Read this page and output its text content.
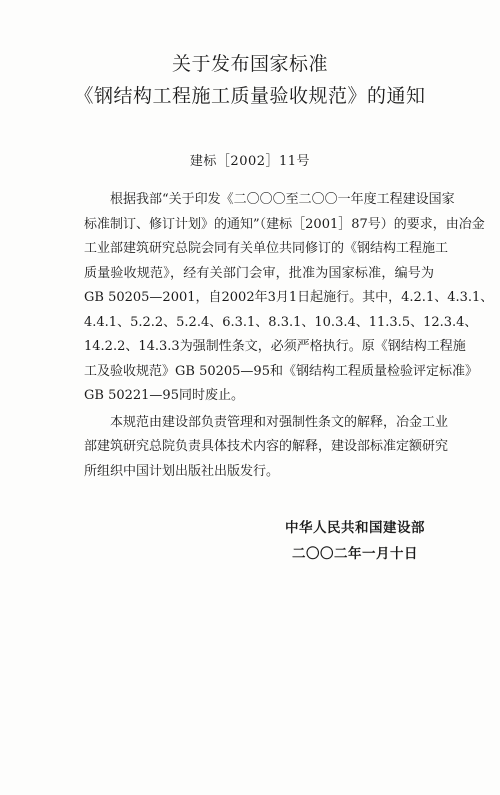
关于发布国家标准
《钢结构工程施工质量验收规范》的通知
建标［2002］11号
根据我部“关于印发《二〇〇〇至二〇〇一年度工程建设国家
标准制订、修订计划》的通知”（建标［2001］87号）的要求，由冶金
工业部建筑研究总院会同有关单位共同修订的《钢结构工程施工
质量验收规范》，经有关部门会审，批准为国家标准，编号为
GB 50205—2001，自2002年3月1日起施行。其中，4.2.1、4.3.1、
4.4.1、5.2.2、5.2.4、6.3.1、8.3.1、10.3.4、11.3.5、12.3.4、
14.2.2、14.3.3为强制性条文，必须严格执行。原《钢结构工程施
工及验收规范》GB 50205—95和《钢结构工程质量检验评定标准》
GB 50221—95同时废止。
本规范由建设部负责管理和对强制性条文的解释，冶金工业
部建筑研究总院负责具体技术内容的解释，建设部标准定额研究
所组织中国计划出版社出版发行。
中华人民共和国建设部
二〇〇二年一月十日
